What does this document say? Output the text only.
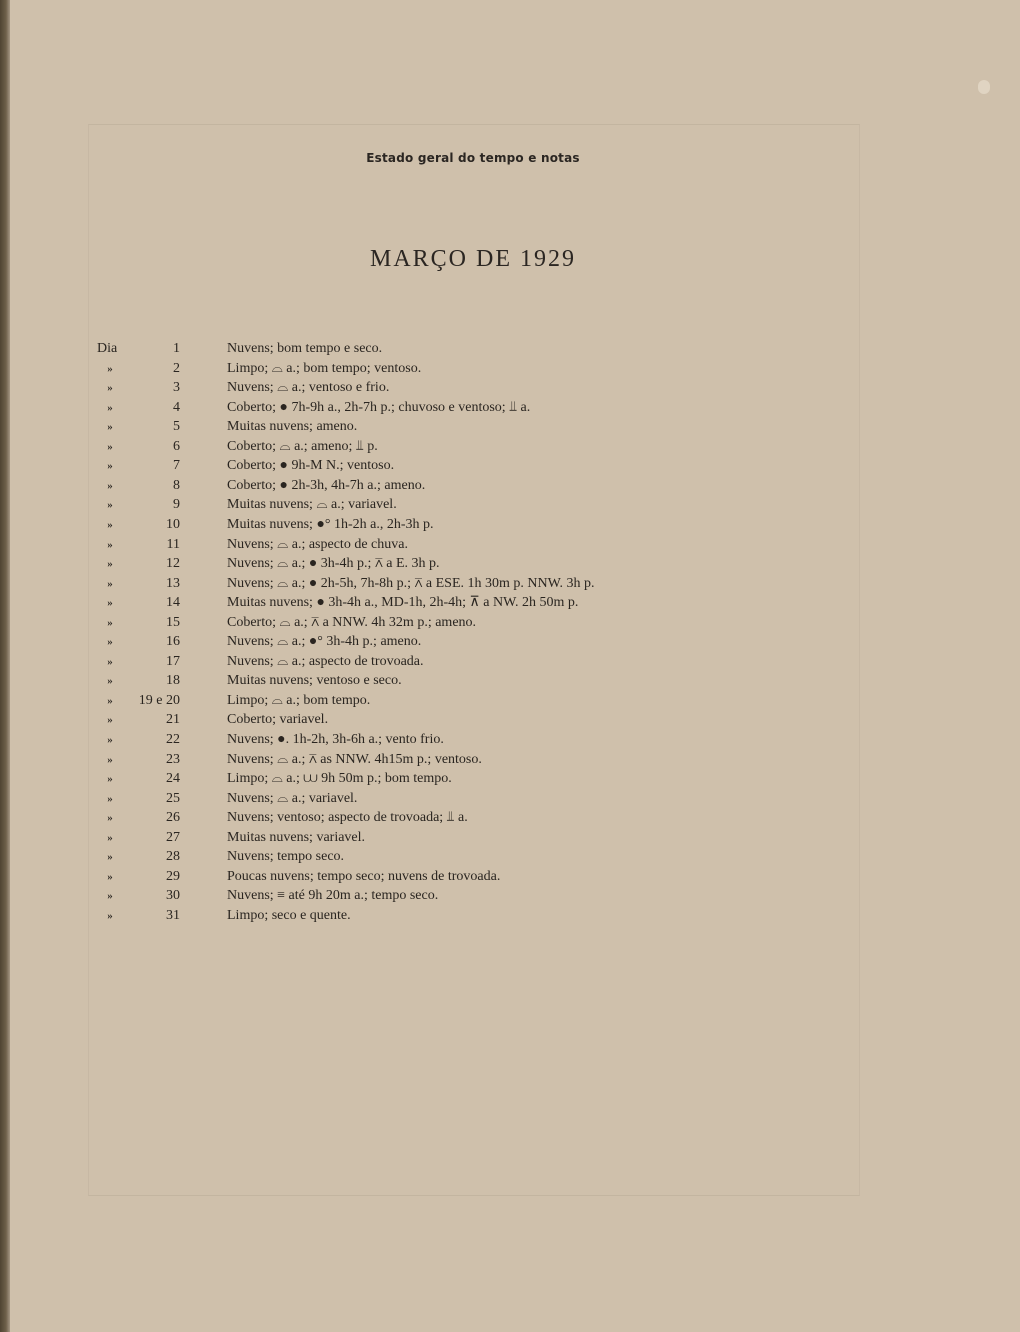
Estado geral do tempo e notas
MARÇO DE 1929
Dia	1	Nuvens; bom tempo e seco.
»	2	Limpo; ⌓ a.; bom tempo; ventoso.
»	3	Nuvens; ⌓ a.; ventoso e frio.
»	4	Coberto; ● 7h-9h a., 2h-7h p.; chuvoso e ventoso; ⫫ a.
»	5	Muitas nuvens; ameno.
»	6	Coberto; ⌓ a.; ameno; ⫫ p.
»	7	Coberto; ● 9h-M N.; ventoso.
»	8	Coberto; ● 2h-3h, 4h-7h a.; ameno.
»	9	Muitas nuvens; ⌓ a.; variavel.
»	10	Muitas nuvens; ●° 1h-2h a., 2h-3h p.
»	11	Nuvens; ⌓ a.; aspecto de chuva.
»	12	Nuvens; ⌓ a.; ● 3h-4h p.; ⊼ a E. 3h p.
»	13	Nuvens; ⌓ a.; ● 2h-5h, 7h-8h p.; ⊼ a ESE. 1h 30m p. NNW. 3h p.
»	14	Muitas nuvens; ● 3h-4h a., MD-1h, 2h-4h; ⊼ a NW. 2h 50m p.
»	15	Coberto; ⌓ a.; ⊼ a NNW. 4h 32m p.; ameno.
»	16	Nuvens; ⌓ a.; ●° 3h-4h p.; ameno.
»	17	Nuvens; ⌓ a.; aspecto de trovoada.
»	18	Muitas nuvens; ventoso e seco.
»	19 e 20	Limpo; ⌓ a.; bom tempo.
»	21	Coberto; variavel.
»	22	Nuvens; ●. 1h-2h, 3h-6h a.; vento frio.
»	23	Nuvens; ⌓ a.; ⊼ as NNW. 4h15m p.; ventoso.
»	24	Limpo; ⌓ a.; ⩊ 9h 50m p.; bom tempo.
»	25	Nuvens; ⌓ a.; variavel.
»	26	Nuvens; ventoso; aspecto de trovoada; ⫫ a.
»	27	Muitas nuvens; variavel.
»	28	Nuvens; tempo seco.
»	29	Poucas nuvens; tempo seco; nuvens de trovoada.
»	30	Nuvens; ≡ até 9h 20m a.; tempo seco.
»	31	Limpo; seco e quente.
